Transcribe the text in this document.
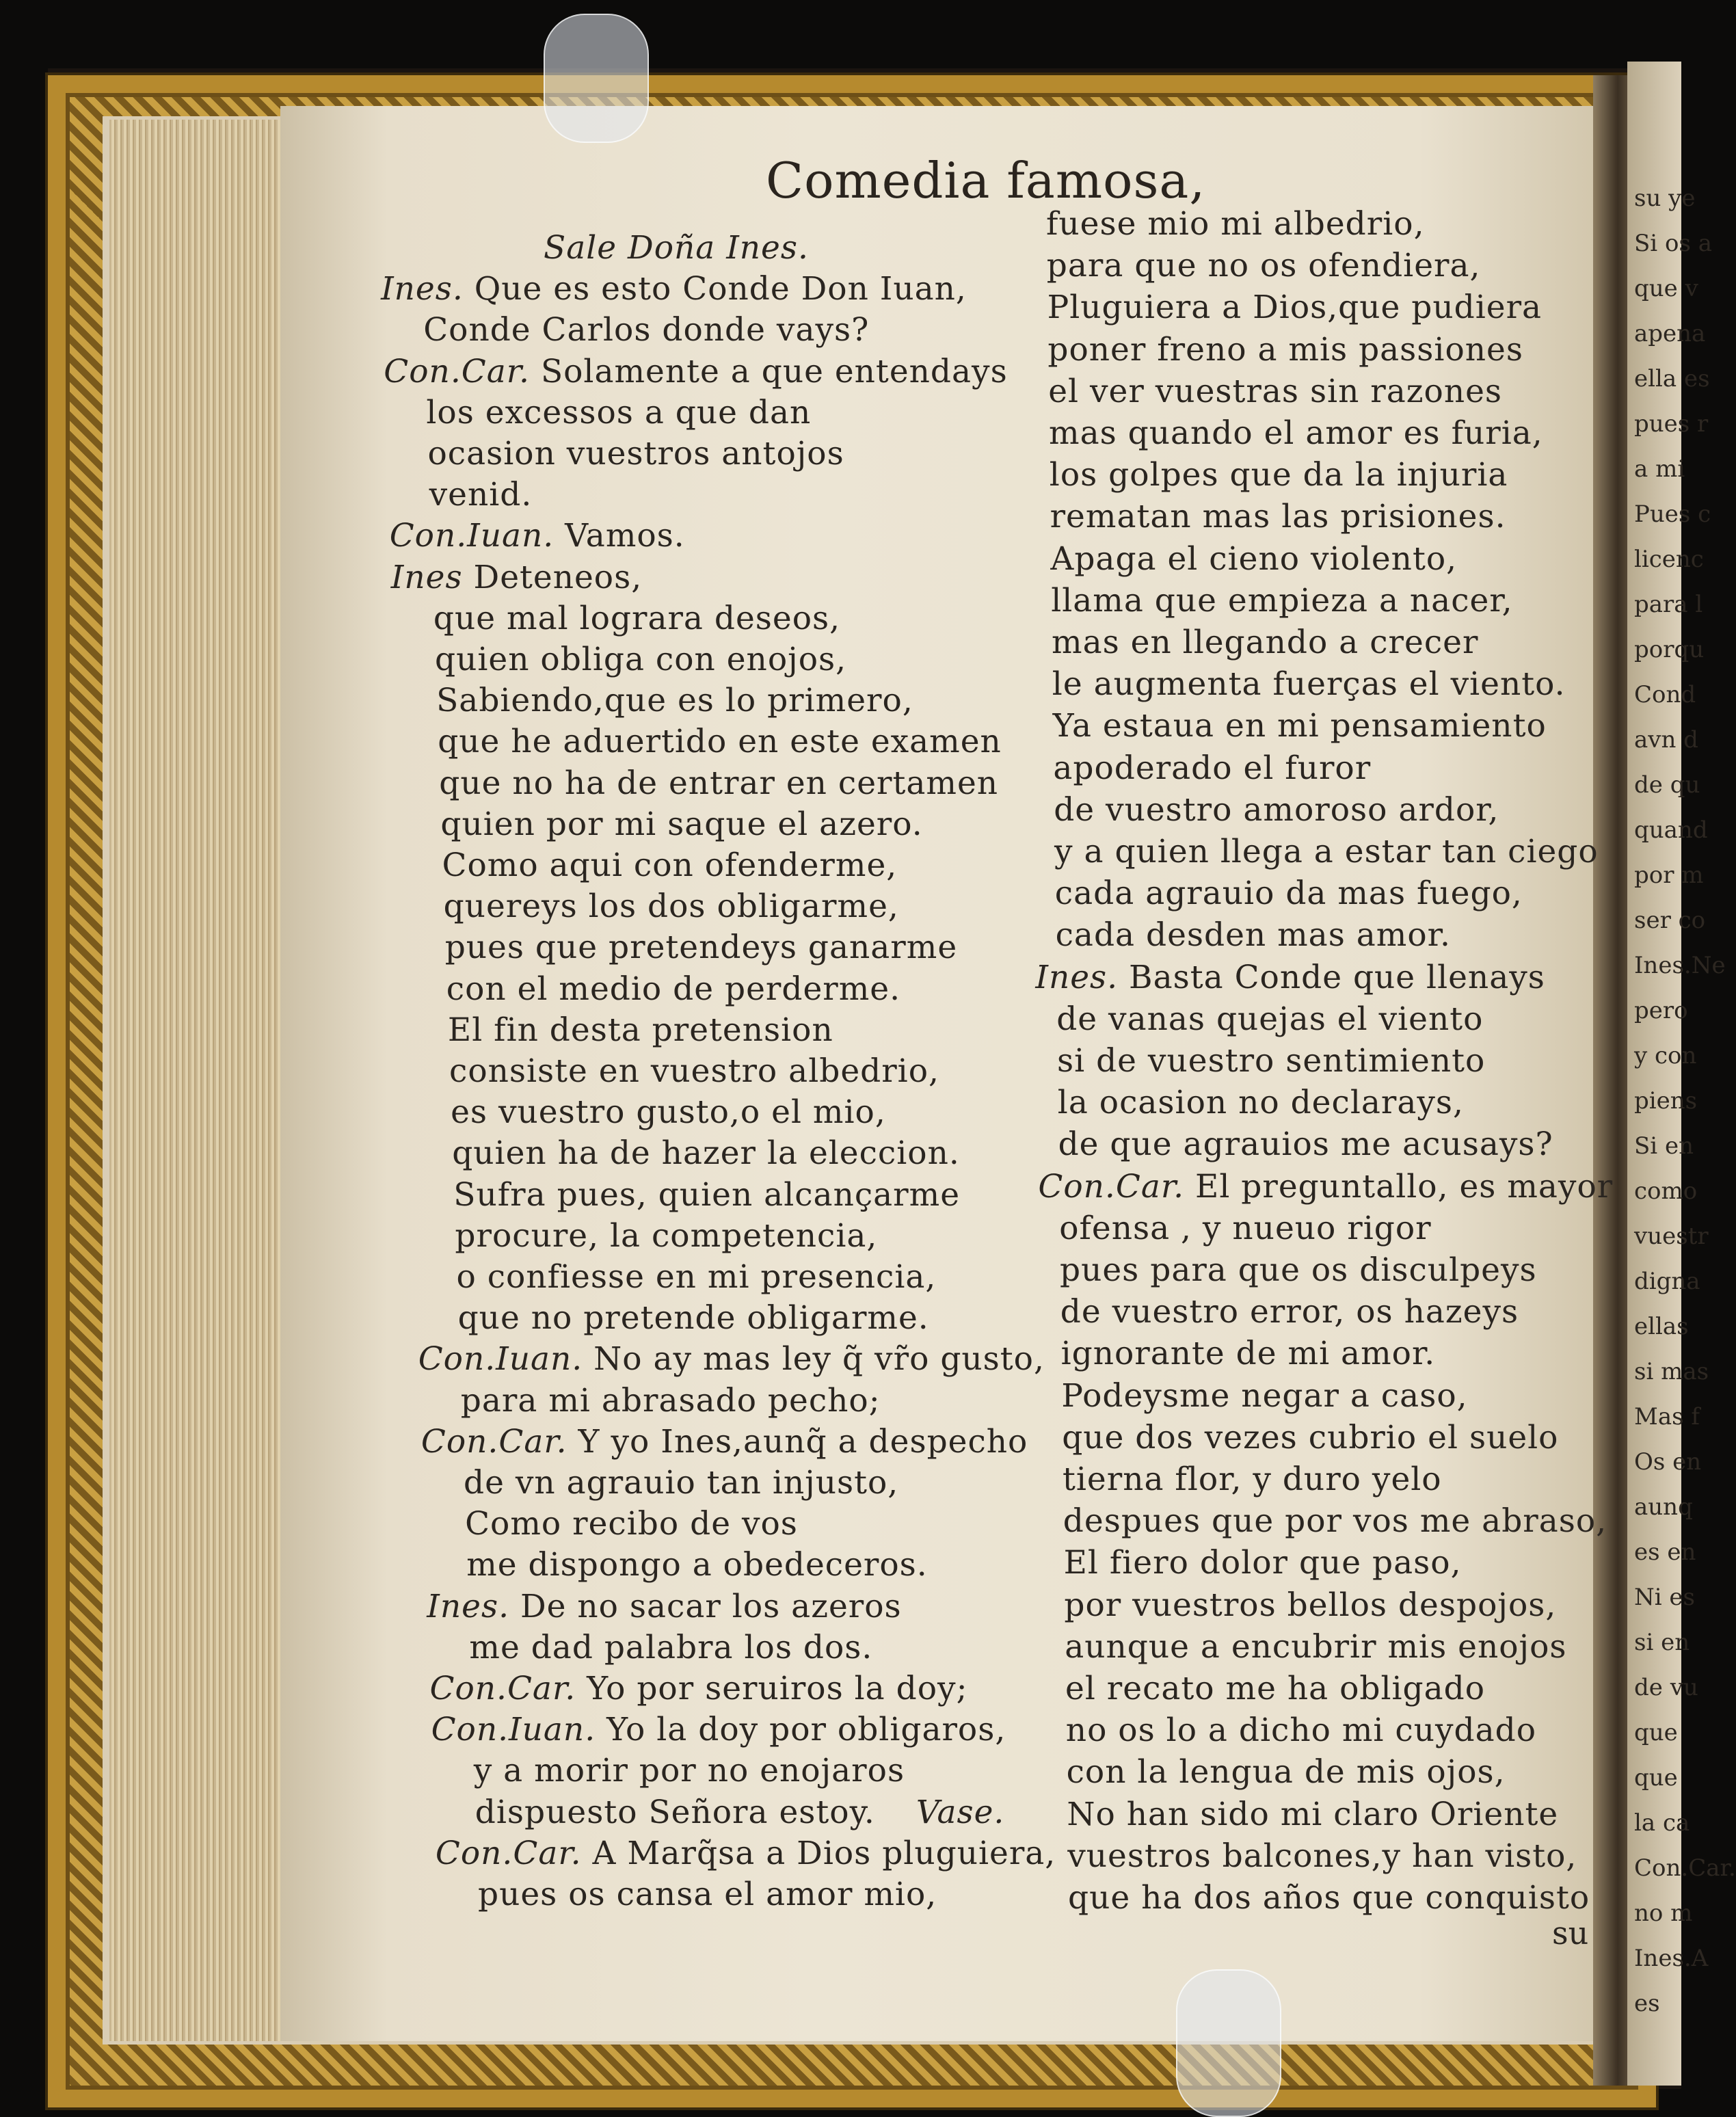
su ye
Si os a
que v
apena
ella es
pues r
a mi
Pues c
licenc
para l
porqu
Cond
avn d
de qu
quand
por m
ser co
Ines.Ne
pero
y con
piens
Si en
como
vuestr
digna
ellas
si mas
Mas f
Os en
aunq
es en
Ni es
si en
de vu
que
que
la ca
Con.Car.
no m
Ines.A
es
Comedia famosa,
Sale Doña Ines.
Ines. Que es esto Conde Don Iuan,
Conde Carlos donde vays?
Con.Car. Solamente a que entendays
los excessos a que dan
ocasion vuestros antojos
venid.
Con.Iuan. Vamos.
Ines Deteneos,
que mal lograra deseos,
quien obliga con enojos,
Sabiendo,que es lo primero,
que he aduertido en este examen
que no ha de entrar en certamen
quien por mi saque el azero.
Como aqui con ofenderme,
quereys los dos obligarme,
pues que pretendeys ganarme
con el medio de perderme.
El fin desta pretension
consiste en vuestro albedrio,
es vuestro gusto,o el mio,
quien ha de hazer la eleccion.
Sufra pues, quien alcançarme
procure, la competencia,
o confiesse en mi presencia,
que no pretende obligarme.
Con.Iuan. No ay mas ley q̃ vr̃o gusto,
para mi abrasado pecho;
Con.Car. Y yo Ines,aunq̃ a despecho
de vn agrauio tan injusto,
Como recibo de vos
me dispongo a obedeceros.
Ines. De no sacar los azeros
me dad palabra los dos.
Con.Car. Yo por seruiros la doy;
Con.Iuan. Yo la doy por obligaros,
y a morir por no enojaros
dispuesto Señora estoy. Vase.
Con.Car. A Marq̃sa a Dios pluguiera,
pues os cansa el amor mio,
fuese mio mi albedrio,
para que no os ofendiera,
Pluguiera a Dios,que pudiera
poner freno a mis passiones
el ver vuestras sin razones
mas quando el amor es furia,
los golpes que da la injuria
rematan mas las prisiones.
Apaga el cieno violento,
llama que empieza a nacer,
mas en llegando a crecer
le augmenta fuerças el viento.
Ya estaua en mi pensamiento
apoderado el furor
de vuestro amoroso ardor,
y a quien llega a estar tan ciego
cada agrauio da mas fuego,
cada desden mas amor.
Ines. Basta Conde que llenays
de vanas quejas el viento
si de vuestro sentimiento
la ocasion no declarays,
de que agrauios me acusays?
Con.Car. El preguntallo, es mayor
ofensa , y nueuo rigor
pues para que os disculpeys
de vuestro error, os hazeys
ignorante de mi amor.
Podeysme negar a caso,
que dos vezes cubrio el suelo
tierna flor, y duro yelo
despues que por vos me abraso,
El fiero dolor que paso,
por vuestros bellos despojos,
aunque a encubrir mis enojos
el recato me ha obligado
no os lo a dicho mi cuydado
con la lengua de mis ojos,
No han sido mi claro Oriente
vuestros balcones,y han visto,
que ha dos años que conquisto
su
